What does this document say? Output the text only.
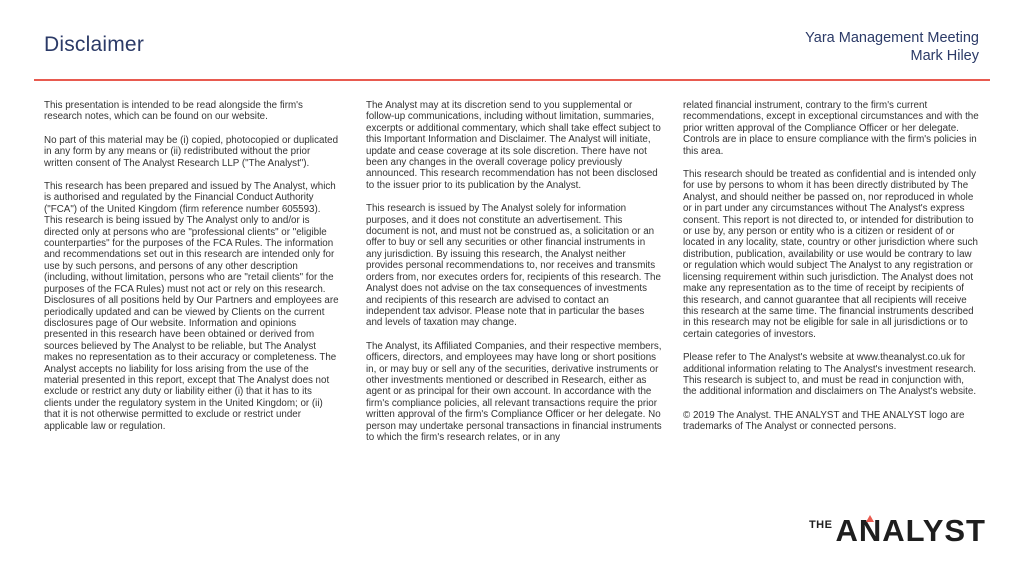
Disclaimer	Yara Management Meeting
Mark Hiley

This presentation is intended to be read alongside the firm's research notes, which can be found on our website.

No part of this material may be (i) copied, photocopied or duplicated in any form by any means or (ii) redistributed without the prior written consent of The Analyst Research LLP ("The Analyst").

This research has been prepared and issued by The Analyst, which is authorised and regulated by the Financial Conduct Authority ("FCA") of the United Kingdom (firm reference number 605593). This research is being issued by The Analyst only to and/or is directed only at persons who are "professional clients" or "eligible counterparties" for the purposes of the FCA Rules. The information and recommendations set out in this research are intended only for use by such persons, and persons of any other description (including, without limitation, persons who are "retail clients" for the purposes of the FCA Rules) must not act or rely on this research. Disclosures of all positions held by Our Partners and employees are periodically updated and can be viewed by Clients on the current disclosures page of Our website. Information and opinions presented in this research have been obtained or derived from sources believed by The Analyst to be reliable, but The Analyst makes no representation as to their accuracy or completeness. The Analyst accepts no liability for loss arising from the use of the material presented in this report, except that The Analyst does not exclude or restrict any duty or liability either (i) that it has to its clients under the regulatory system in the United Kingdom; or (ii) that it is not otherwise permitted to exclude or restrict under applicable law or regulation.

The Analyst may at its discretion send to you supplemental or follow-up communications, including without limitation, summaries, excerpts or additional commentary, which shall take effect subject to this Important Information and Disclaimer. The Analyst will initiate, update and cease coverage at its sole discretion. There have not been any changes in the overall coverage policy previously announced. This research recommendation has not been disclosed to the issuer prior to its publication by the Analyst.

This research is issued by The Analyst solely for information purposes, and it does not constitute an advertisement. This document is not, and must not be construed as, a solicitation or an offer to buy or sell any securities or other financial instruments in any jurisdiction. By issuing this research, the Analyst neither provides personal recommendations to, nor receives and transmits orders from, nor executes orders for, recipients of this research. The Analyst does not advise on the tax consequences of investments and recipients of this research are advised to contact an independent tax advisor. Please note that in particular the bases and levels of taxation may change.

The Analyst, its Affiliated Companies, and their respective members, officers, directors, and employees may have long or short positions in, or may buy or sell any of the securities, derivative instruments or other investments mentioned or described in Research, either as agent or as principal for their own account. In accordance with the firm's compliance policies, all relevant transactions require the prior written approval of the firm's Compliance Officer or her delegate. No person may undertake personal transactions in financial instruments to which the firm's research relates, or in any

related financial instrument, contrary to the firm's current recommendations, except in exceptional circumstances and with the prior written approval of the Compliance Officer or her delegate. Controls are in place to ensure compliance with the firm's policies in this area.

This research should be treated as confidential and is intended only for use by persons to whom it has been directly distributed by The Analyst, and should neither be passed on, nor reproduced in whole or in part under any circumstances without The Analyst's express consent. This report is not directed to, or intended for distribution to or use by, any person or entity who is a citizen or resident of or located in any locality, state, country or other jurisdiction where such distribution, publication, availability or use would be contrary to law or regulation which would subject The Analyst to any registration or licensing requirement within such jurisdiction. The Analyst does not make any representation as to the time of receipt by recipients of this research, and cannot guarantee that all recipients will receive this research at the same time. The financial instruments described in this research may not be eligible for sale in all jurisdictions or to certain categories of investors.

Please refer to The Analyst's website at www.theanalyst.co.uk for additional information relating to The Analyst's investment research. This research is subject to, and must be read in conjunction with, the additional information and disclaimers on The Analyst's website.

© 2019 The Analyst. THE ANALYST and THE ANALYST logo are trademarks of The Analyst or connected persons.

THE ANALYST
